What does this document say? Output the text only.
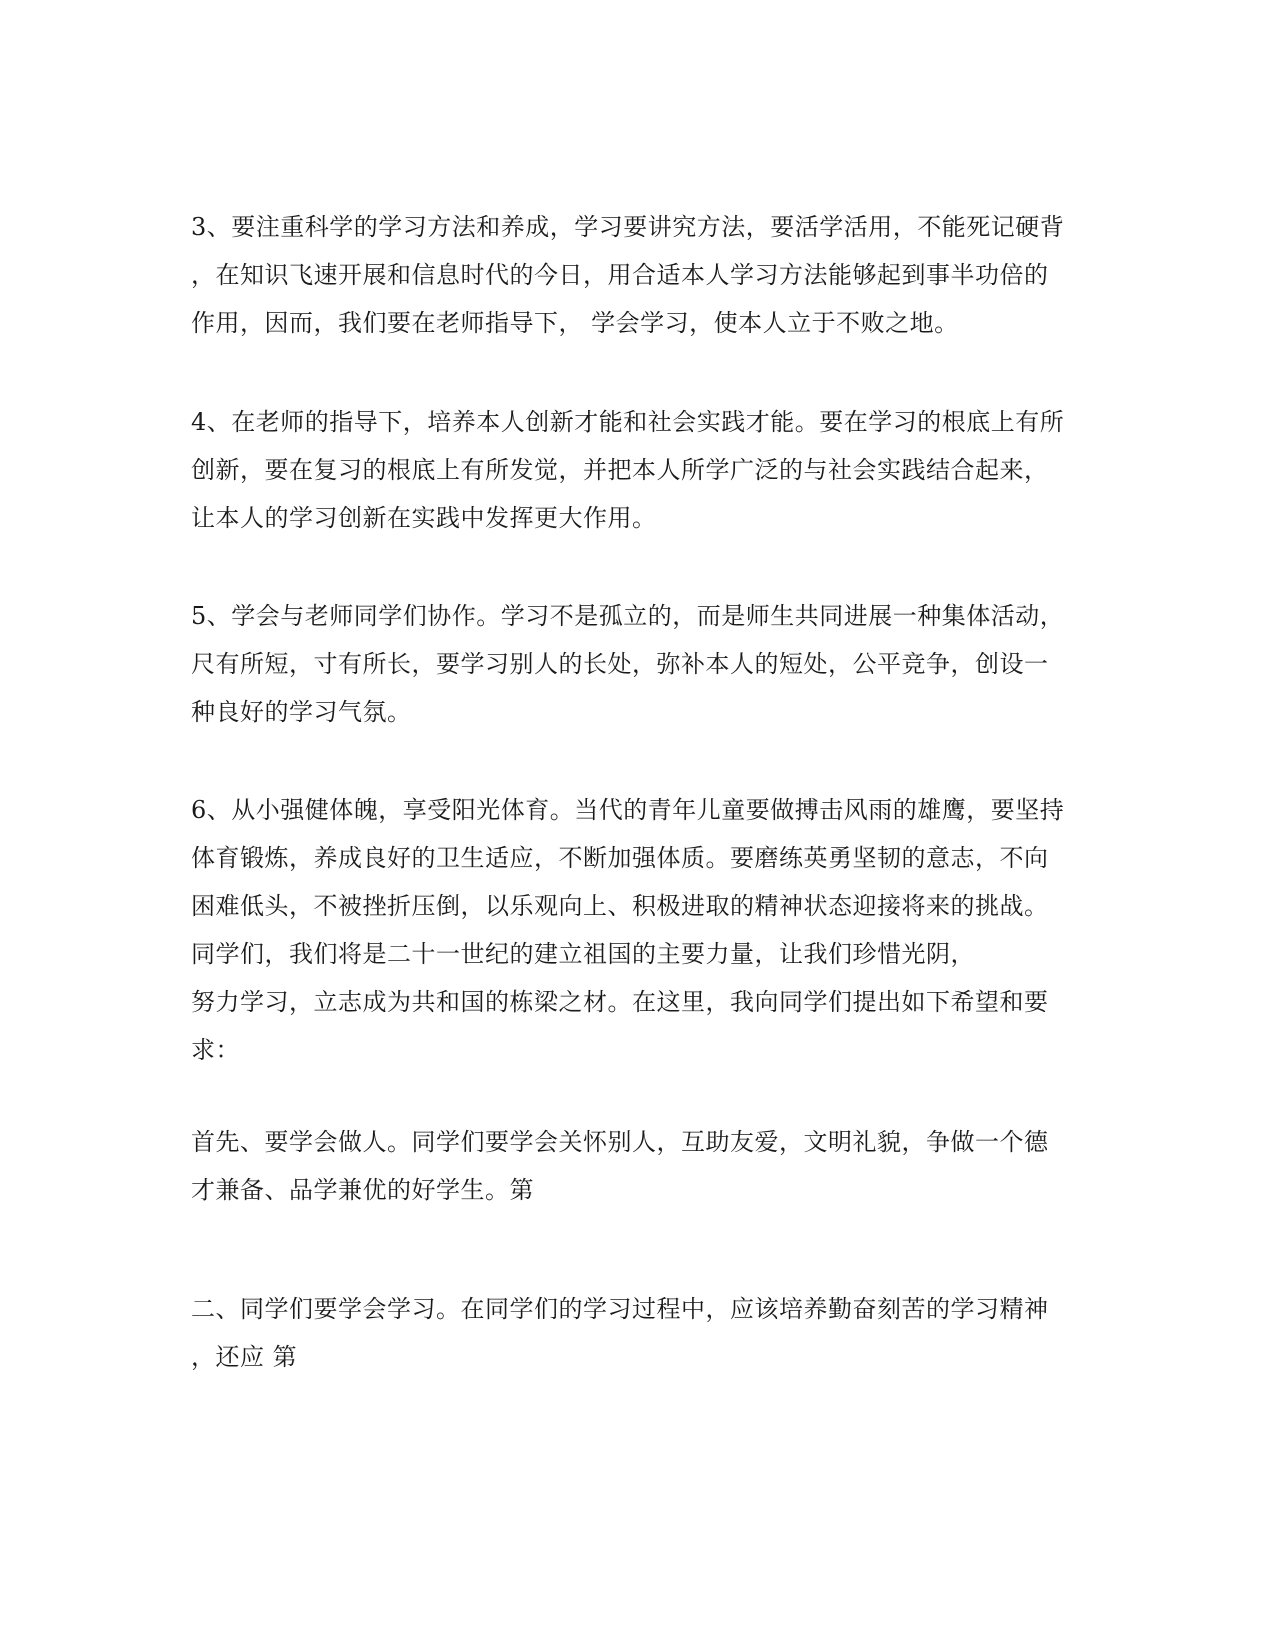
3、要注重科学的学习方法和养成，学习要讲究方法，要活学活用，不能死记硬背
，在知识飞速开展和信息时代的今日，用合适本人学习方法能够起到事半功倍的
作用，因而，我们要在老师指导下， 学会学习，使本人立于不败之地。
4、在老师的指导下，培养本人创新才能和社会实践才能。要在学习的根底上有所
创新，要在复习的根底上有所发觉，并把本人所学广泛的与社会实践结合起来，
让本人的学习创新在实践中发挥更大作用。
5、学会与老师同学们协作。学习不是孤立的，而是师生共同进展一种集体活动，
尺有所短，寸有所长，要学习别人的长处，弥补本人的短处，公平竞争，创设一
种良好的学习气氛。
6、从小强健体魄，享受阳光体育。当代的青年儿童要做搏击风雨的雄鹰，要坚持
体育锻炼，养成良好的卫生适应，不断加强体质。要磨练英勇坚韧的意志，不向
困难低头，不被挫折压倒，以乐观向上、积极进取的精神状态迎接将来的挑战。
同学们，我们将是二十一世纪的建立祖国的主要力量，让我们珍惜光阴，
努力学习，立志成为共和国的栋梁之材。在这里，我向同学们提出如下希望和要
求：
首先、要学会做人。同学们要学会关怀别人，互助友爱，文明礼貌，争做一个德
才兼备、品学兼优的好学生。第
二、同学们要学会学习。在同学们的学习过程中，应该培养勤奋刻苦的学习精神
，还应 第
